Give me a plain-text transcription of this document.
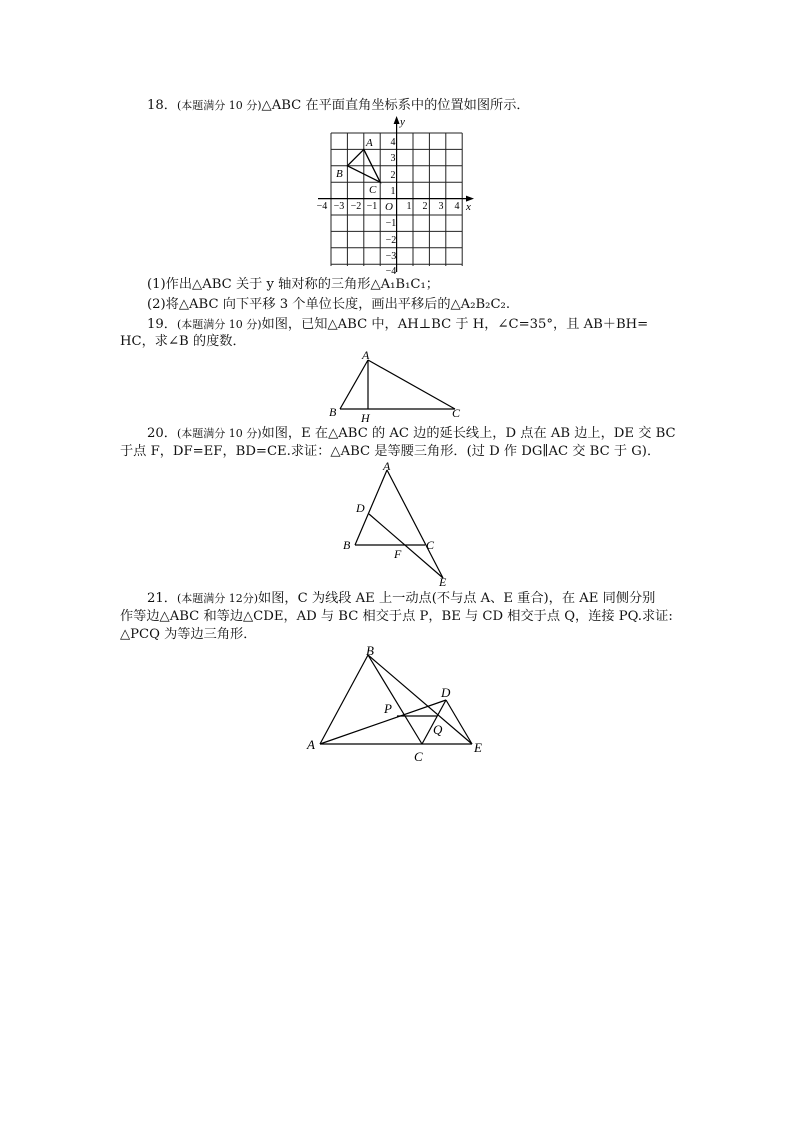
18．(本题满分 10 分)△ABC 在平面直角坐标系中的位置如图所示．
y
x
O
−4 −3 −2 −1	1 2 3 4
4
3
2
1
−1
−2
−3
−4
A
B
C
(1)作出△ABC 关于 y 轴对称的三角形△A₁B₁C₁；
(2)将△ABC 向下平移 3 个单位长度，画出平移后的△A₂B₂C₂.
19．(本题满分 10 分)如图，已知△ABC 中，AH⊥BC 于 H，∠C=35°，且 AB＋BH=
HC，求∠B 的度数．
A
B H	C
20．(本题满分 10 分)如图，E 在△ABC 的 AC 边的延长线上，D 点在 AB 边上，DE 交 BC
于点 F，DF=EF，BD=CE.求证：△ABC 是等腰三角形．(过 D 作 DG∥AC 交 BC 于 G)．
A
D
B
F
C
E
21．(本题满分 12分)如图，C 为线段 AE 上一动点(不与点 A、E 重合)，在 AE 同侧分别
作等边△ABC 和等边△CDE，AD 与 BC 相交于点 P，BE 与 CD 相交于点 Q，连接 PQ.求证:
△PCQ 为等边三角形．
B
D
P
Q
A
C
E
